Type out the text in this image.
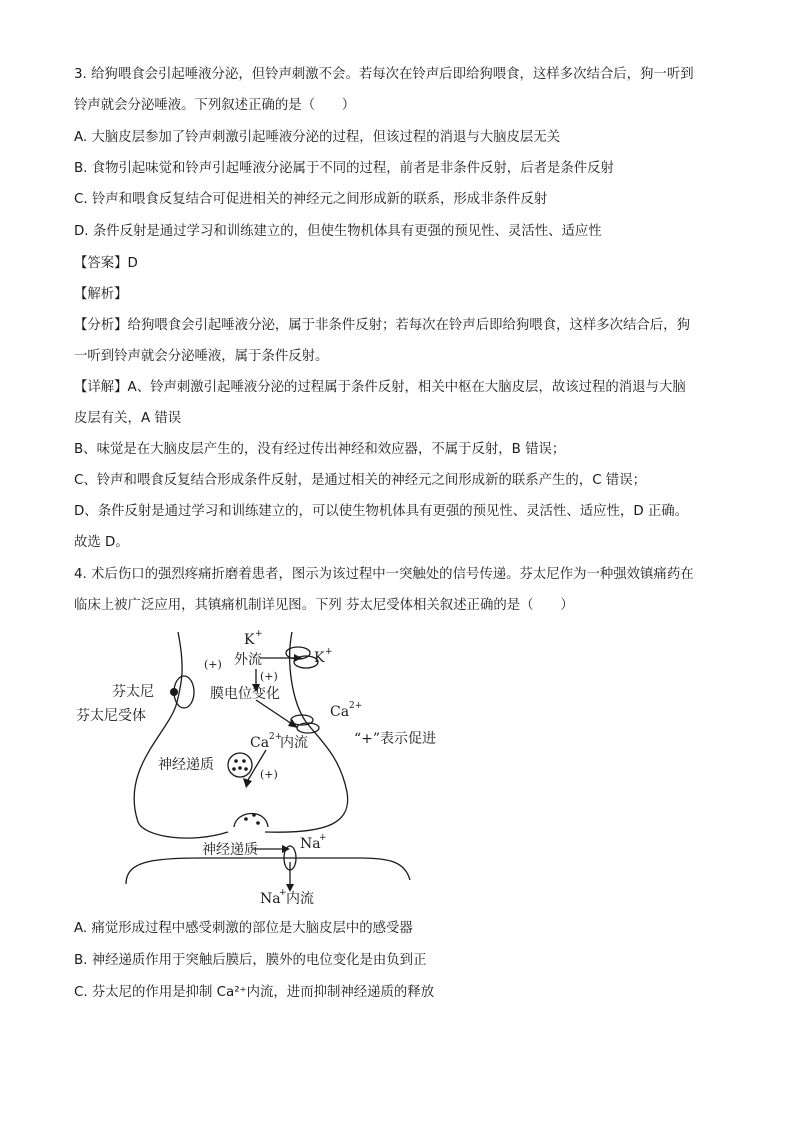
3. 给狗喂食会引起唾液分泌，但铃声刺激不会。若每次在铃声后即给狗喂食，这样多次结合后，狗一听到
铃声就会分泌唾液。下列叙述正确的是（　　）
A. 大脑皮层参加了铃声刺激引起唾液分泌的过程，但该过程的消退与大脑皮层无关
B. 食物引起味觉和铃声引起唾液分泌属于不同的过程，前者是非条件反射，后者是条件反射
C. 铃声和喂食反复结合可促进相关的神经元之间形成新的联系，形成非条件反射
D. 条件反射是通过学习和训练建立的，但使生物机体具有更强的预见性、灵活性、适应性
【答案】D
【解析】
【分析】给狗喂食会引起唾液分泌，属于非条件反射；若每次在铃声后即给狗喂食，这样多次结合后，狗
一听到铃声就会分泌唾液，属于条件反射。
【详解】A、铃声刺激引起唾液分泌的过程属于条件反射，相关中枢在大脑皮层，故该过程的消退与大脑
皮层有关，A 错误
B、味觉是在大脑皮层产生的，没有经过传出神经和效应器，不属于反射，B 错误；
C、铃声和喂食反复结合形成条件反射，是通过相关的神经元之间形成新的联系产生的，C 错误；
D、条件反射是通过学习和训练建立的，可以使生物机体具有更强的预见性、灵活性、适应性，D 正确。
故选 D。
4. 术后伤口的强烈疼痛折磨着患者，图示为该过程中一突触处的信号传递。芬太尼作为一种强效镇痛药在
临床上被广泛应用，其镇痛机制详见图。下列 芬太尼受体相关叙述正确的是（　　）
K +
K +
(+) 外流
(+)
膜电位变化
芬太尼
芬太尼受体	Ca 2+
Ca 2+
内流	“+”表示促进
神经递质
(+)
神经递质	Na
+
Na
+ 内流
A. 痛觉形成过程中感受刺激的部位是大脑皮层中的感受器
B. 神经递质作用于突触后膜后，膜外的电位变化是由负到正
C. 芬太尼的作用是抑制 Ca²⁺内流，进而抑制神经递质的释放
